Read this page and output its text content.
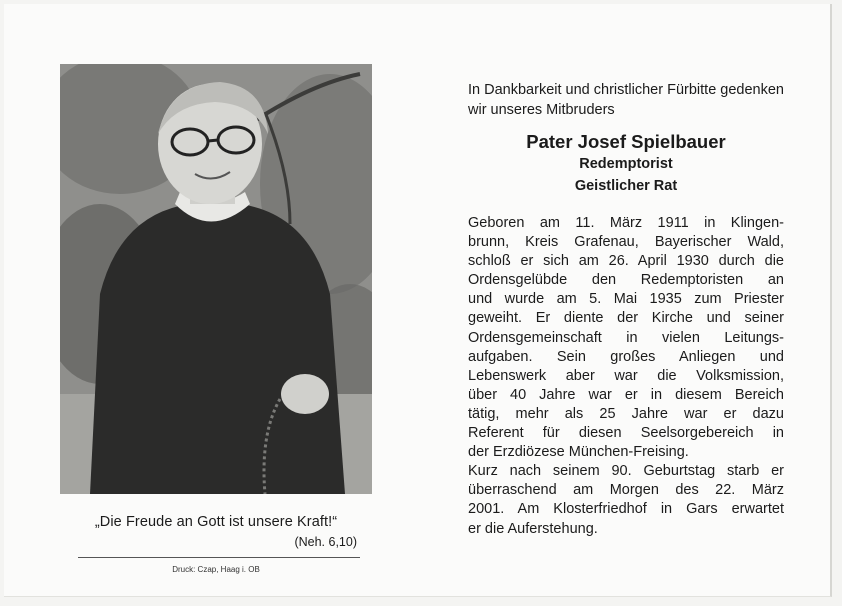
„Die Freude an Gott ist unsere Kraft!“
(Neh. 6,10)
Druck: Czap, Haag i. OB
In Dankbarkeit und christlicher Fürbitte gedenken wir unseres Mitbruders
Pater Josef Spielbauer
Redemptorist
Geistlicher Rat
Geboren am 11. März 1911 in Klingen-
brunn, Kreis Grafenau, Bayerischer Wald,
schloß er sich am 26. April 1930 durch die
Ordensgelübde den Redemptoristen an
und wurde am 5. Mai 1935 zum Priester
geweiht. Er diente der Kirche und seiner
Ordensgemeinschaft in vielen Leitungs-
aufgaben. Sein großes Anliegen und
Lebenswerk aber war die Volksmission,
über 40 Jahre war er in diesem Bereich
tätig, mehr als 25 Jahre war er dazu
Referent für diesen Seelsorgebereich in
der Erzdiözese München-Freising.
Kurz nach seinem 90. Geburtstag starb er
überraschend am Morgen des 22. März
2001. Am Klosterfriedhof in Gars erwartet
er die Auferstehung.
